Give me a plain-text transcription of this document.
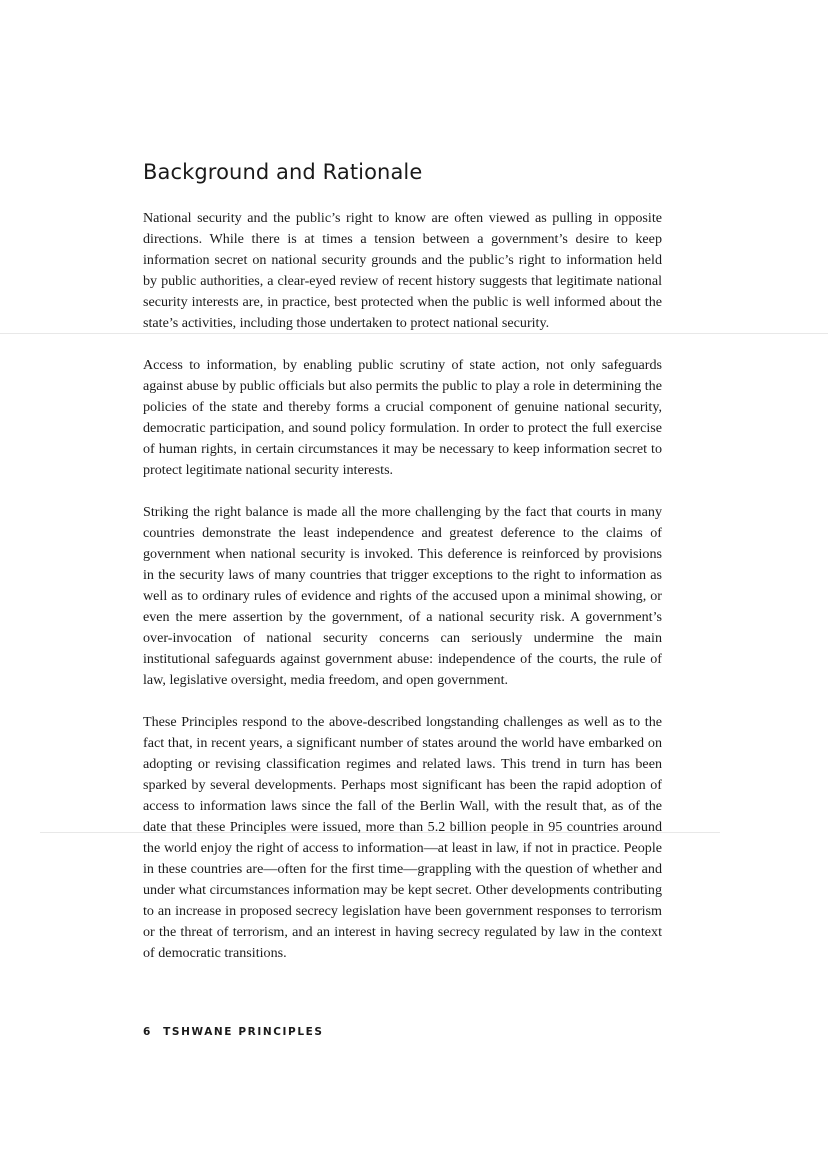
Background and Rationale

National security and the public’s right to know are often viewed as pulling in opposite directions. While there is at times a tension between a government’s desire to keep information secret on national security grounds and the public’s right to information held by public authorities, a clear-eyed review of recent history suggests that legitimate national security interests are, in practice, best protected when the public is well informed about the state’s activities, including those undertaken to protect national security.

Access to information, by enabling public scrutiny of state action, not only safeguards against abuse by public officials but also permits the public to play a role in determining the policies of the state and thereby forms a crucial component of genuine national security, democratic participation, and sound policy formulation. In order to protect the full exercise of human rights, in certain circumstances it may be necessary to keep information secret to protect legitimate national security interests.

Striking the right balance is made all the more challenging by the fact that courts in many countries demonstrate the least independence and greatest deference to the claims of government when national security is invoked. This deference is reinforced by provisions in the security laws of many countries that trigger exceptions to the right to information as well as to ordinary rules of evidence and rights of the accused upon a minimal showing, or even the mere assertion by the government, of a national security risk. A government’s over-invocation of national security concerns can seriously undermine the main institutional safeguards against government abuse: independence of the courts, the rule of law, legislative oversight, media freedom, and open government.

These Principles respond to the above-described longstanding challenges as well as to the fact that, in recent years, a significant number of states around the world have embarked on adopting or revising classification regimes and related laws. This trend in turn has been sparked by several developments. Perhaps most significant has been the rapid adoption of access to information laws since the fall of the Berlin Wall, with the result that, as of the date that these Principles were issued, more than 5.2 billion people in 95 countries around the world enjoy the right of access to information—at least in law, if not in practice. People in these countries are—often for the first time—grappling with the question of whether and under what circumstances information may be kept secret. Other developments contributing to an increase in proposed secrecy legislation have been government responses to terrorism or the threat of terrorism, and an interest in having secrecy regulated by law in the context of democratic transitions.

6 TSHWANE PRINCIPLES
